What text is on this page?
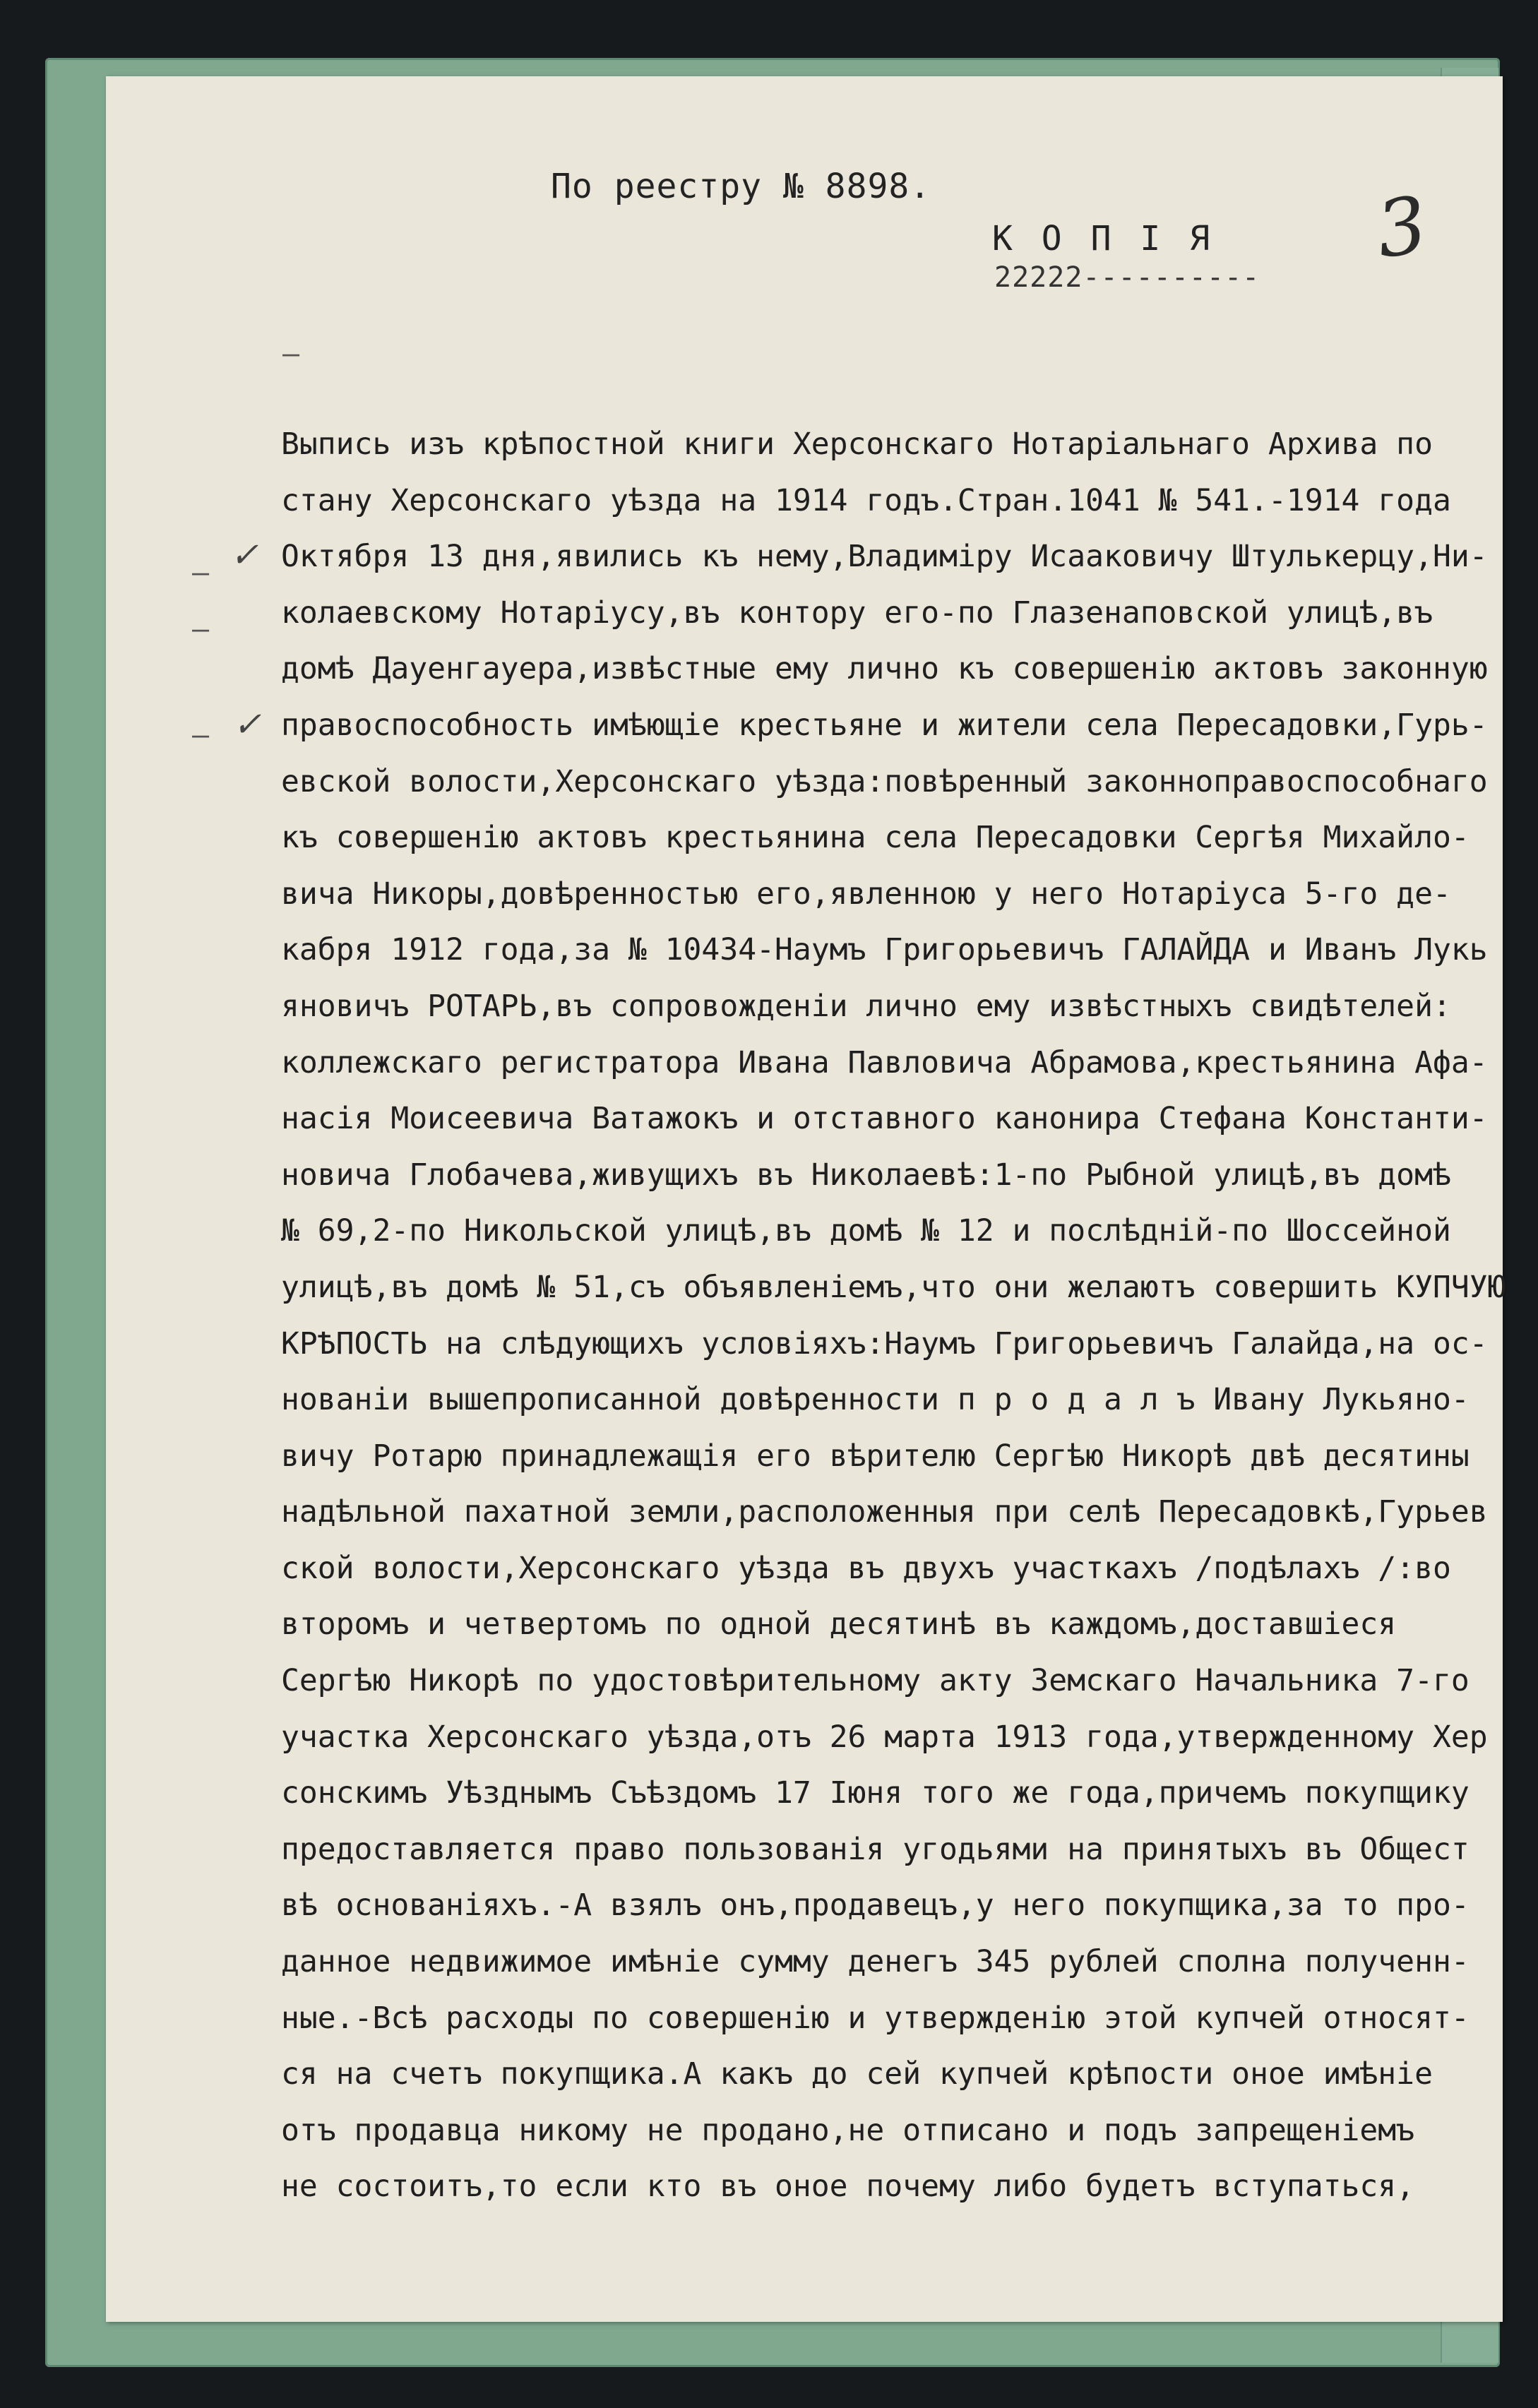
По реестру № 8898.
К О П І Я
22222----------
3
✓
✓
–
–
–
–
Выпись изъ крѣпостной книги Херсонскаго Нотаріальнаго Архива по
стану Херсонскаго уѣзда на 1914 годъ.Стран.1041 № 541.-1914 года
Октября 13 дня,явились къ нему,Владиміру Исааковичу Штулькерцу,Ни-
колаевскому Нотаріусу,въ контору его-по Глазенаповской улицѣ,въ
домѣ Дауенгауера,извѣстные ему лично къ совершенію актовъ законную
правоспособность имѣющіе крестьяне и жители села Пересадовки,Гурь-
евской волости,Херсонскаго уѣзда:повѣренный законноправоспособнаго
къ совершенію актовъ крестьянина села Пересадовки Сергѣя Михайло-
вича Никоры,довѣренностью его,явленною у него Нотаріуса 5-го де-
кабря 1912 года,за № 10434-Наумъ Григорьевичъ ГАЛАЙДА и Иванъ Лукь
яновичъ РОТАРЬ,въ сопровожденіи лично ему извѣстныхъ свидѣтелей:
коллежскаго регистратора Ивана Павловича Абрамова,крестьянина Афа-
насія Моисеевича Ватажокъ и отставного канонира Стефана Константи-
новича Глобачева,живущихъ въ Николаевѣ:1-по Рыбной улицѣ,въ домѣ
№ 69,2-по Никольской улицѣ,въ домѣ № 12 и послѣдній-по Шоссейной
улицѣ,въ домѣ № 51,съ объявленіемъ,что они желаютъ совершить КУПЧУЮ
КРѢПОСТЬ на слѣдующихъ условіяхъ:Наумъ Григорьевичъ Галайда,на ос-
нованіи вышепрописанной довѣренности п р о д а л ъ Ивану Лукьяно-
вичу Ротарю принадлежащія его вѣрителю Сергѣю Никорѣ двѣ десятины
надѣльной пахатной земли,расположенныя при селѣ Пересадовкѣ,Гурьев
ской волости,Херсонскаго уѣзда въ двухъ участкахъ /подѣлахъ /:во
второмъ и четвертомъ по одной десятинѣ въ каждомъ,доставшіеся
Сергѣю Никорѣ по удостовѣрительному акту Земскаго Начальника 7-го
участка Херсонскаго уѣзда,отъ 26 марта 1913 года,утвержденному Хер
сонскимъ Уѣзднымъ Съѣздомъ 17 Іюня того же года,причемъ покупщику
предоставляется право пользованія угодьями на принятыхъ въ Общест
вѣ основаніяхъ.-А взялъ онъ,продавецъ,у него покупщика,за то про-
данное недвижимое имѣніе сумму денегъ 345 рублей сполна полученн-
ные.-Всѣ расходы по совершенію и утвержденію этой купчей относят-
ся на счетъ покупщика.А какъ до сей купчей крѣпости оное имѣніе
отъ продавца никому не продано,не отписано и подъ запрещеніемъ
не состоитъ,то если кто въ оное почему либо будетъ вступаться,
